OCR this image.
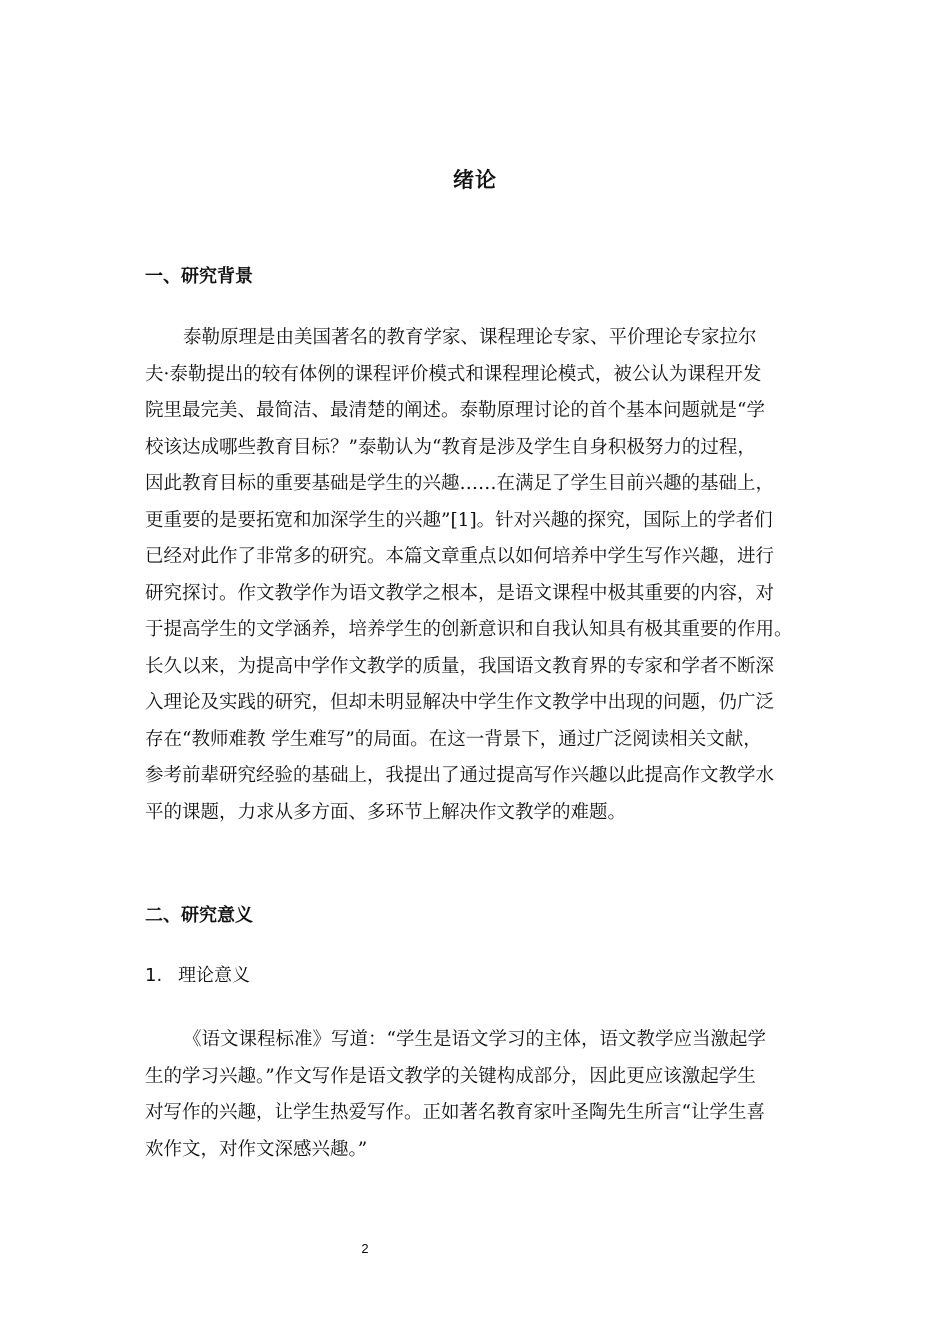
绪论
一、研究背景
泰勒原理是由美国著名的教育学家、课程理论专家、平价理论专家拉尔
夫·泰勒提出的较有体例的课程评价模式和课程理论模式，被公认为课程开发
院里最完美、最简洁、最清楚的阐述。泰勒原理讨论的首个基本问题就是“学
校该达成哪些教育目标？”泰勒认为“教育是涉及学生自身积极努力的过程，
因此教育目标的重要基础是学生的兴趣……在满足了学生目前兴趣的基础上，
更重要的是要拓宽和加深学生的兴趣”[1]。针对兴趣的探究，国际上的学者们
已经对此作了非常多的研究。本篇文章重点以如何培养中学生写作兴趣，进行
研究探讨。作文教学作为语文教学之根本，是语文课程中极其重要的内容，对
于提高学生的文学涵养，培养学生的创新意识和自我认知具有极其重要的作用。
长久以来，为提高中学作文教学的质量，我国语文教育界的专家和学者不断深
入理论及实践的研究，但却未明显解决中学生作文教学中出现的问题，仍广泛
存在“教师难教 学生难写”的局面。在这一背景下，通过广泛阅读相关文献，
参考前辈研究经验的基础上，我提出了通过提高写作兴趣以此提高作文教学水
平的课题，力求从多方面、多环节上解决作文教学的难题。
二、研究意义
1. 理论意义
《语文课程标准》写道：“学生是语文学习的主体，语文教学应当激起学
生的学习兴趣。”作文写作是语文教学的关键构成部分，因此更应该激起学生
对写作的兴趣，让学生热爱写作。正如著名教育家叶圣陶先生所言“让学生喜
欢作文，对作文深感兴趣。”
2
